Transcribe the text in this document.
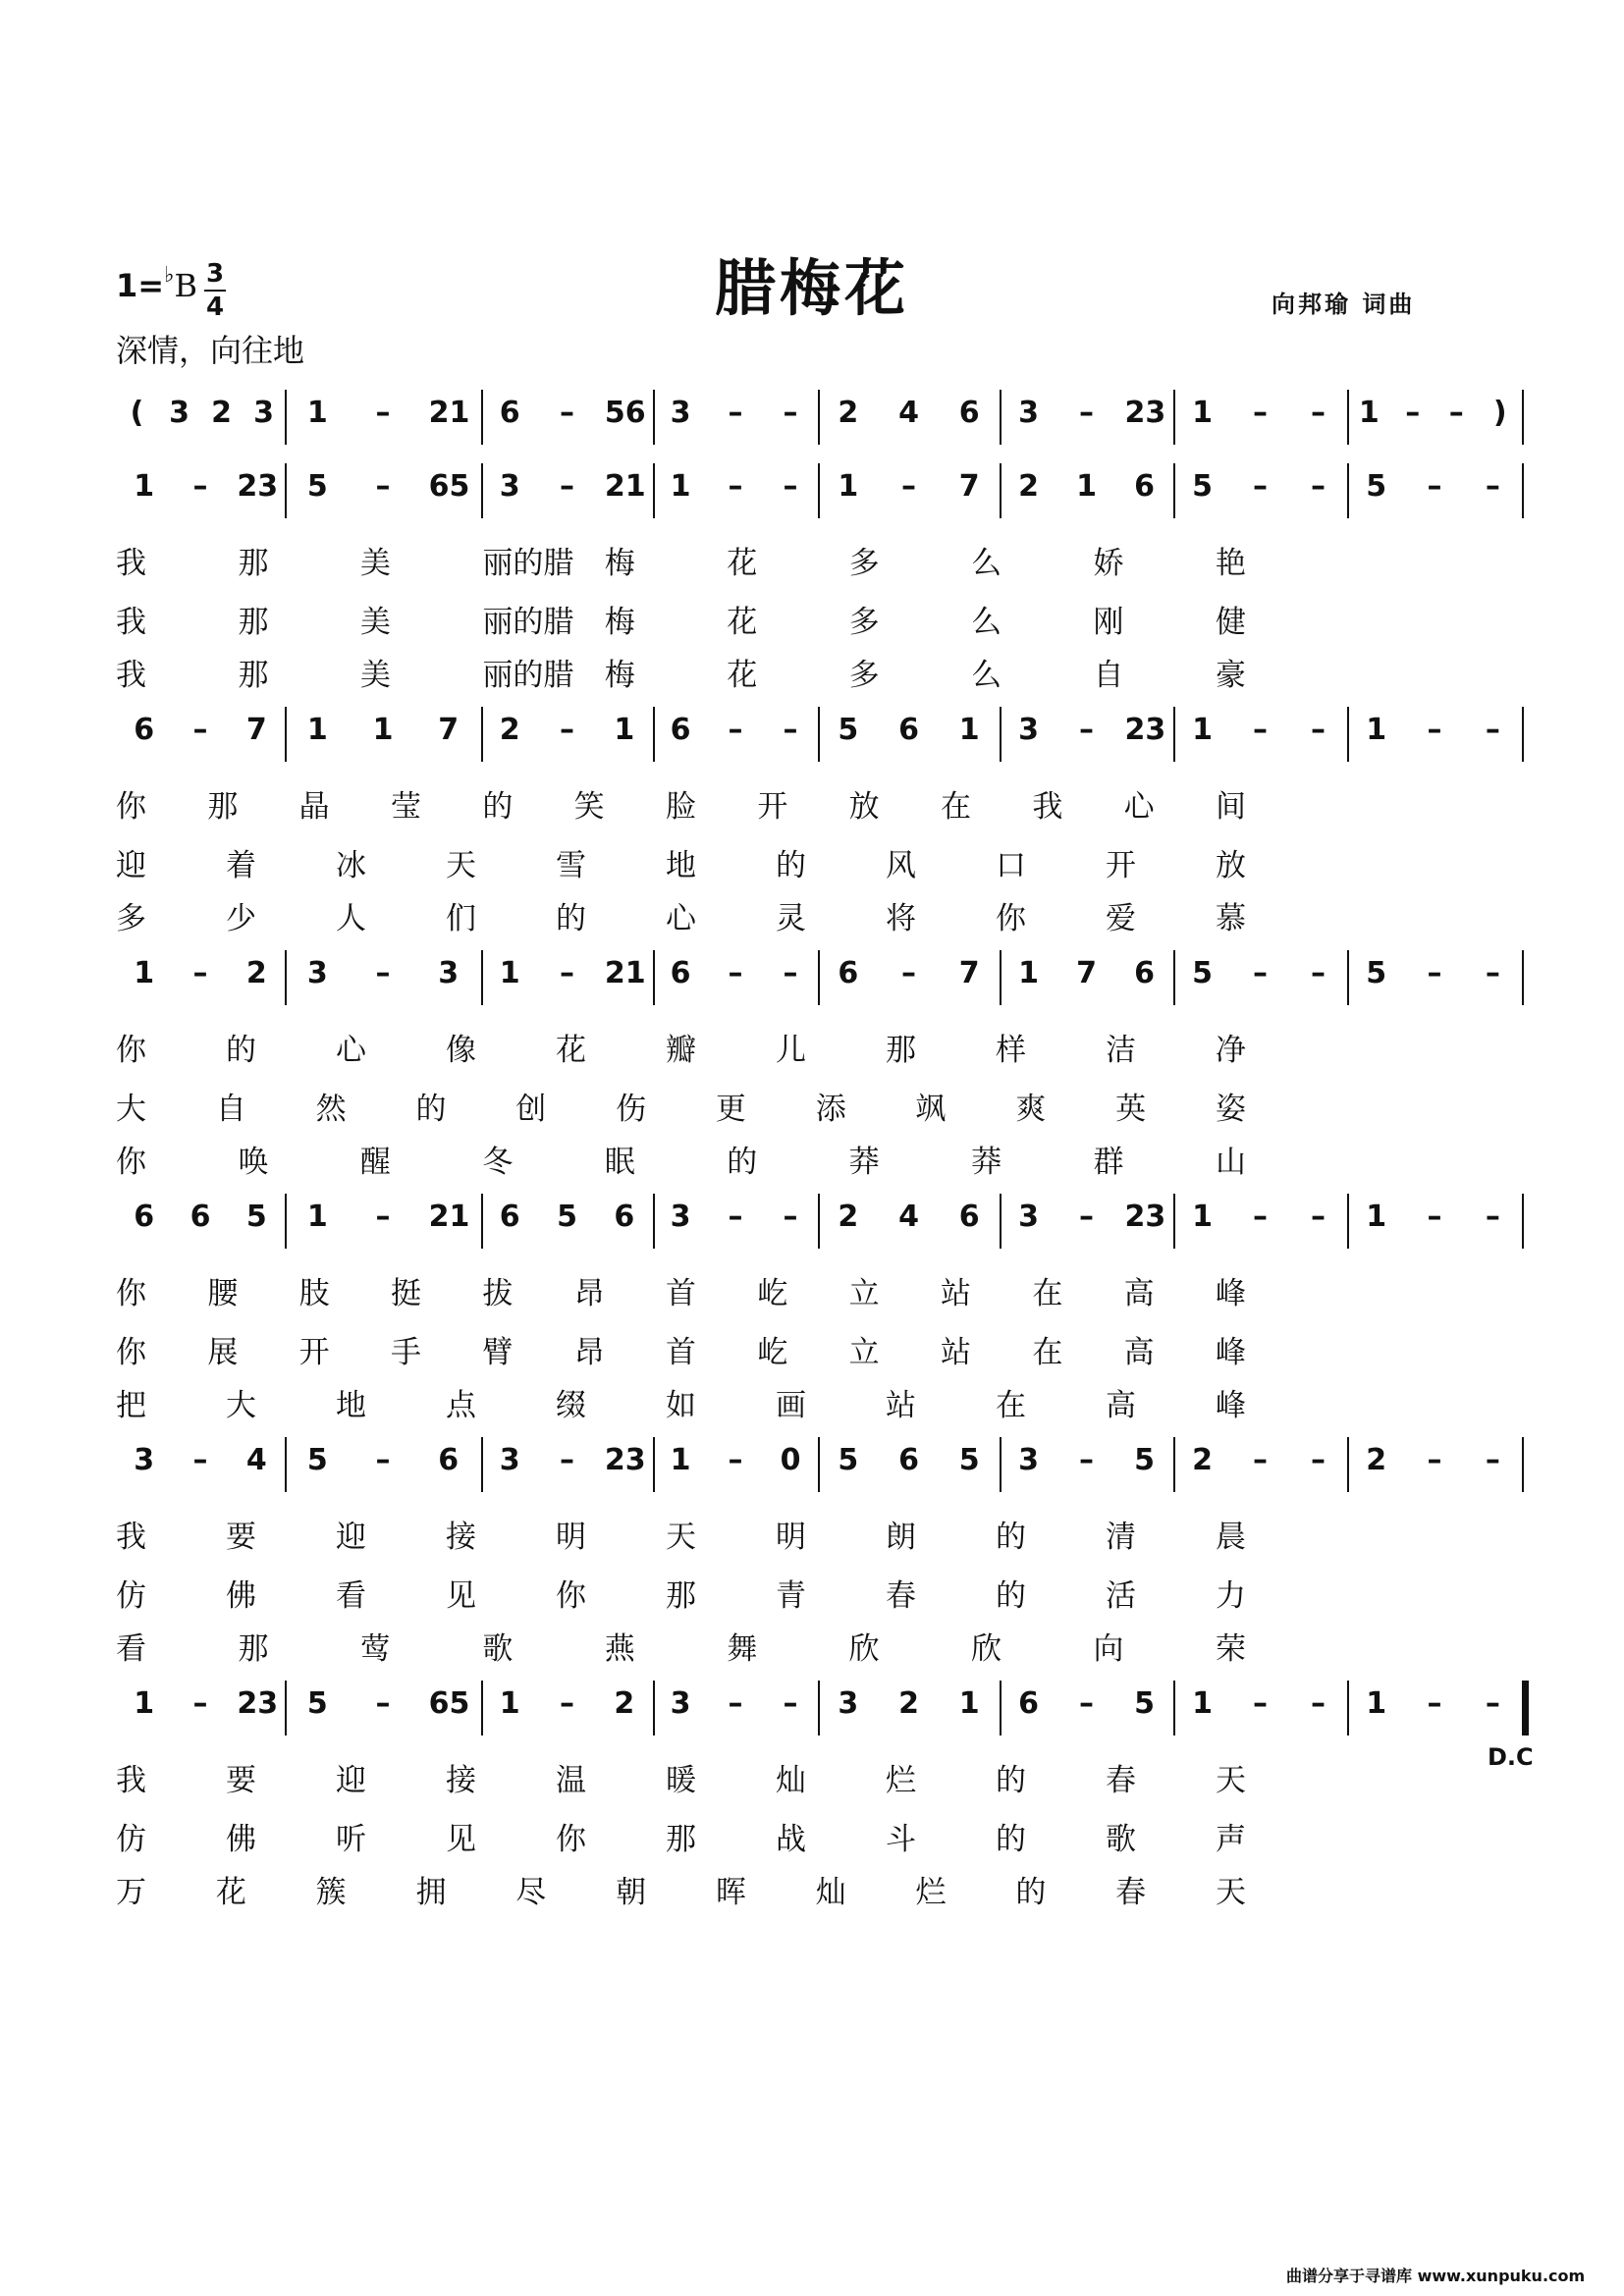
腊梅花
1=♭B 3
4
深情，向往地
向邦瑜 词曲
( 3 2 3	1	–	21	6	–	56 3	–	–	2	4	6	3	–	23 1	–	–	1 – –	)
1	– 23 5	–	65	3	–	21 1	–	–	1	–	7	2	1	6	5	–	–	5	–	–
我	那	美	丽的腊 梅	花	多	么	娇	艳
我	那	美	丽的腊 梅	花	多	么	刚	健
我	那	美	丽的腊 梅	花	多	么	自	豪
6	–	7	1	1	7	2	–	1	6	–	–	5	6	1	3	–	23 1	–	–	1	–	–
你 那 晶 莹 的 笑 脸 开 放 在 我 心 间
迎	着	冰	天	雪	地	的	风	口	开	放
多	少	人	们	的	心	灵	将	你	爱	慕
1	–	2	3	–	3	1	–	21 6	–	–	6	–	7	1	7	6	5	–	–	5	–	–
你	的	心	像	花	瓣	儿	那	样	洁	净
大 自 然 的 创 伤 更 添 飒 爽 英 姿
你	唤	醒	冬	眠	的	莽	莽	群	山
6	6	5	1	–	21	6	5	6	3	–	–	2	4	6	3	–	23 1	–	–	1	–	–
你 腰 肢 挺 拔 昂 首 屹 立 站 在 高 峰
你 展 开 手 臂 昂 首 屹 立 站 在 高 峰
把	大	地	点	缀	如	画	站	在	高	峰
3	–	4	5	–	6	3	–	23 1	–	0	5	6	5	3	–	5	2	–	–	2	–	–
我	要	迎	接	明	天	明	朗	的	清	晨
仿	佛	看	见	你	那	青	春	的	活	力
看	那	莺	歌	燕	舞	欣	欣	向	荣
1	– 23 5	–	65	1	–	2	3	–	–	3	2	1	6	–	5	1	–	–	1	–	–
我	要	迎	接	温	暖	灿	烂	的	春	天
仿	佛	听	见	你	那	战	斗	的	歌	声
万 花 簇 拥 尽 朝 晖 灿 烂 的 春 天
D.C
曲谱分享于寻谱库 www.xunpuku.com
